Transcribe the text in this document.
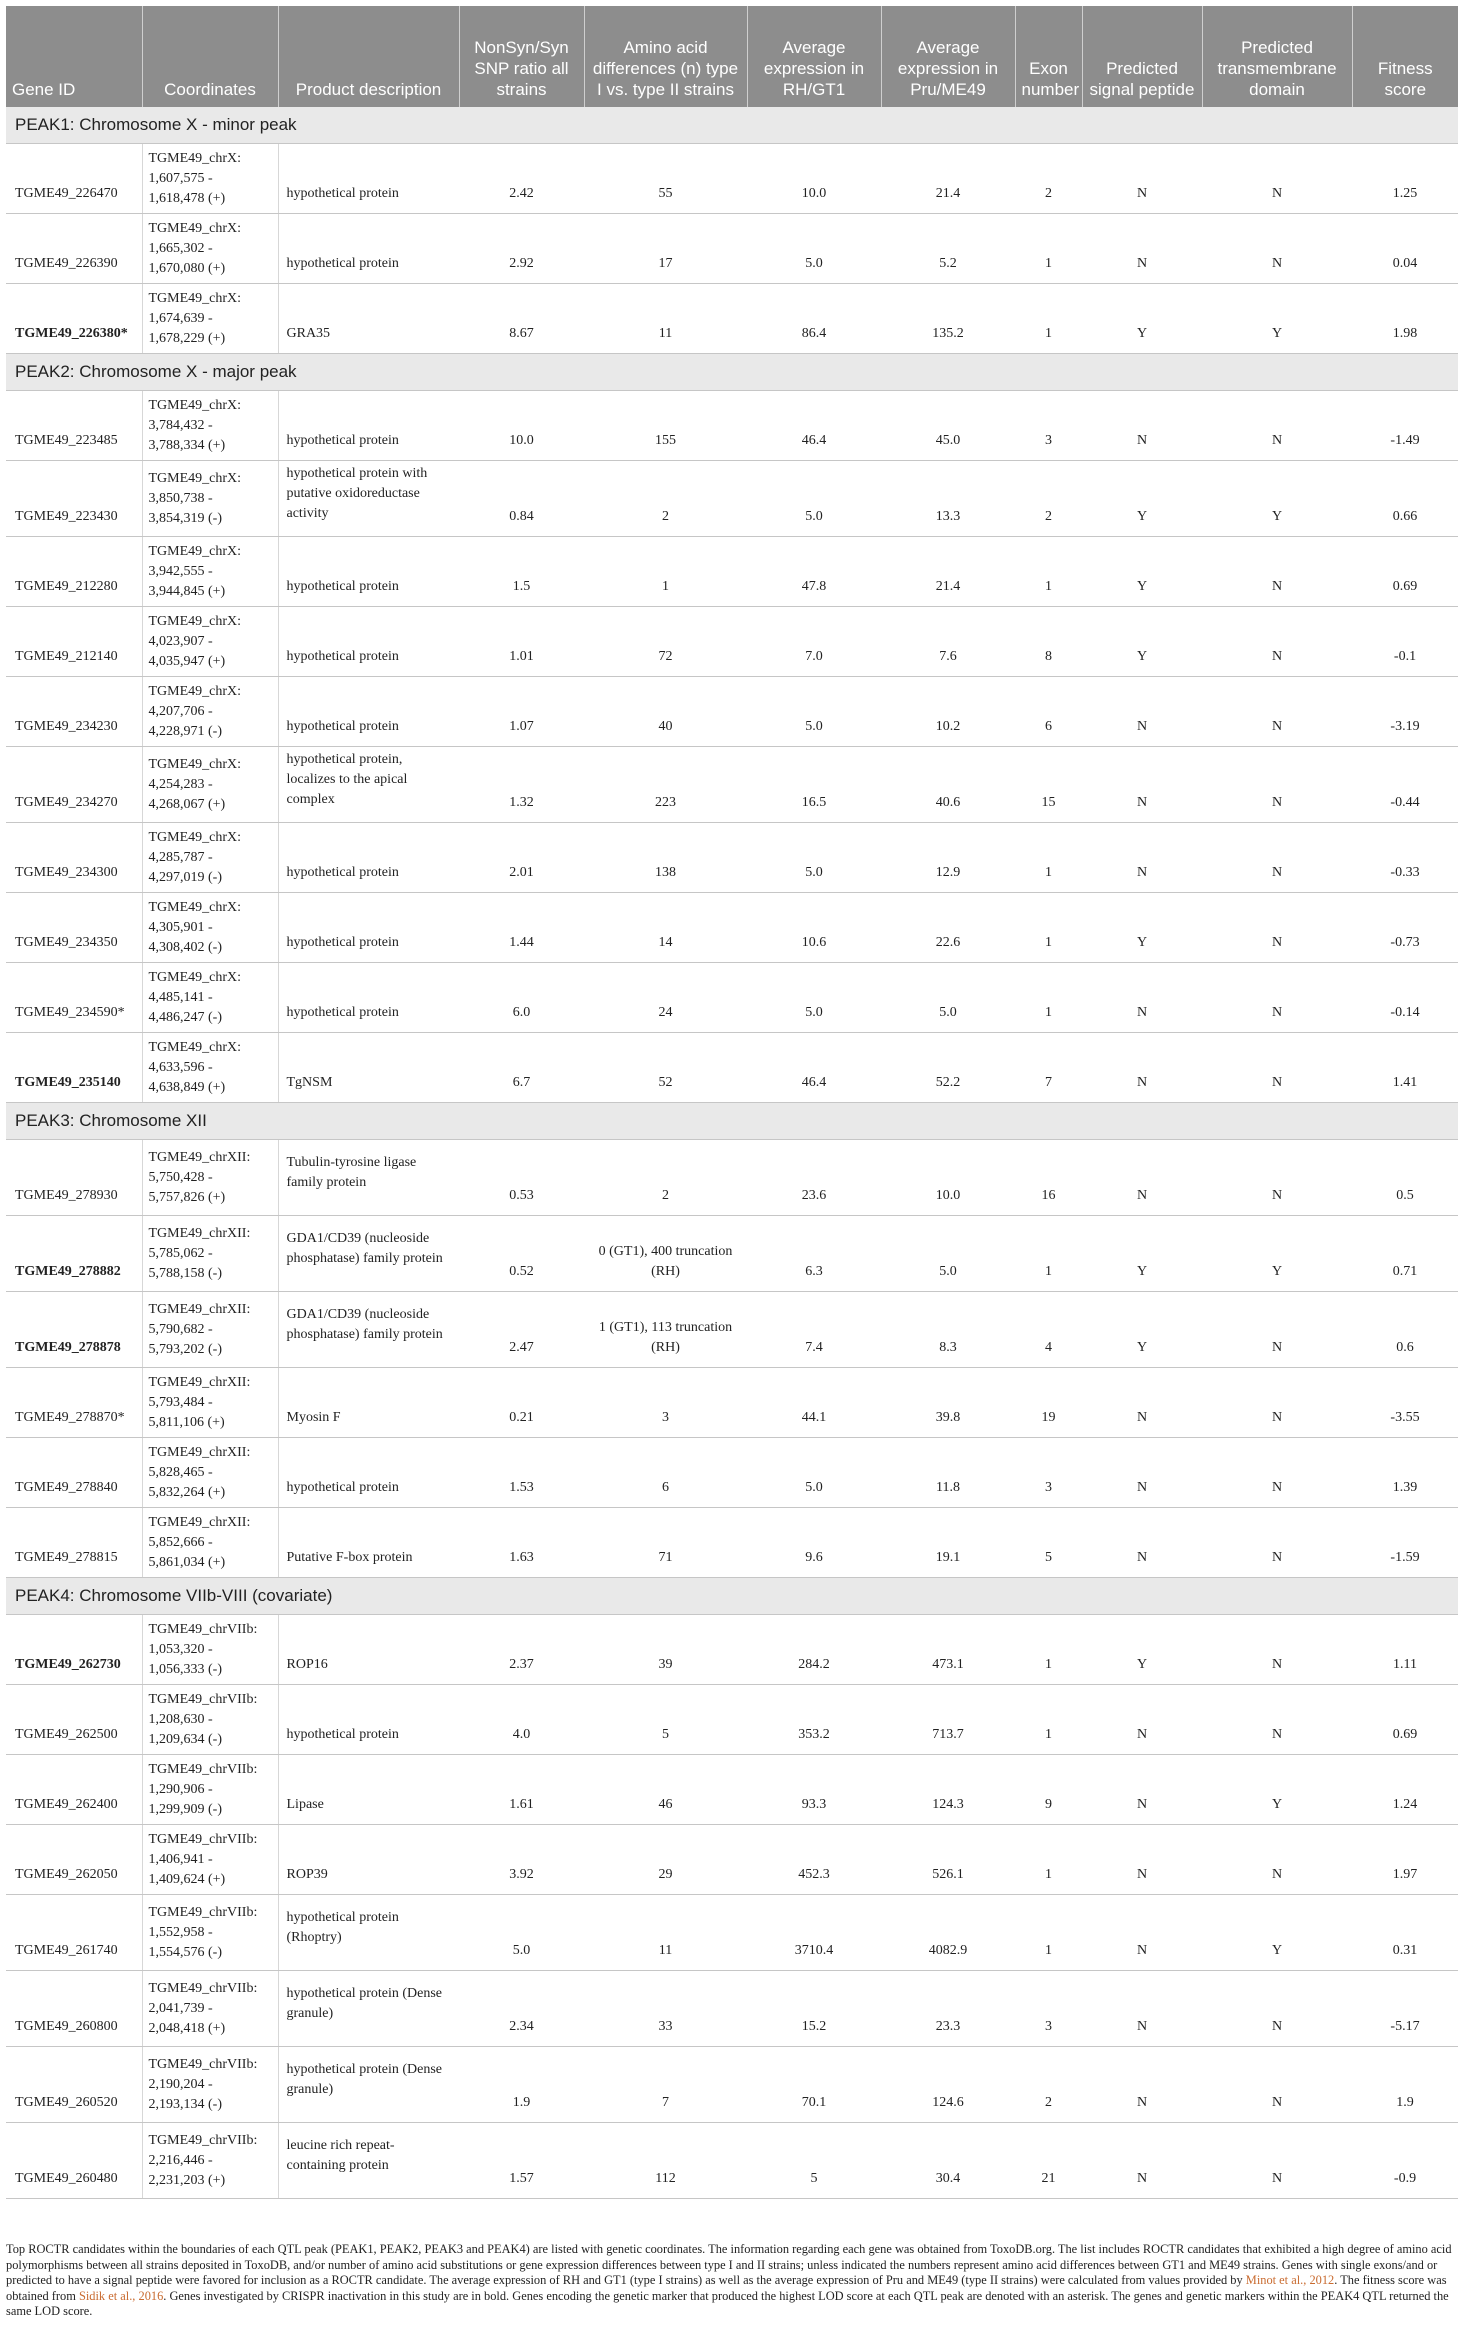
Gene ID	Coordinates	Product description	NonSyn/Syn SNP ratio all strains	Amino acid differences (n) type I vs. type II strains	Average expression in RH/GT1	Average expression in Pru/ME49	Exon number	Predicted signal peptide	Predicted transmembrane domain	Fitness score
PEAK1: Chromosome X - minor peak										
TGME49_226470	TGME49_chrX:
1,607,575 -
1,618,478 (+)	hypothetical protein	2.42	55	10.0	21.4	2	N	N	1.25
TGME49_226390	TGME49_chrX:
1,665,302 -
1,670,080 (+)	hypothetical protein	2.92	17	5.0	5.2	1	N	N	0.04
TGME49_226380*	TGME49_chrX:
1,674,639 -
1,678,229 (+)	GRA35	8.67	11	86.4	135.2	1	Y	Y	1.98
PEAK2: Chromosome X - major peak										
TGME49_223485	TGME49_chrX:
3,784,432 -
3,788,334 (+)	hypothetical protein	10.0	155	46.4	45.0	3	N	N	-1.49
TGME49_223430	TGME49_chrX:
3,850,738 -
3,854,319 (-)	hypothetical protein with putative oxidoreductase activity	0.84	2	5.0	13.3	2	Y	Y	0.66
TGME49_212280	TGME49_chrX:
3,942,555 -
3,944,845 (+)	hypothetical protein	1.5	1	47.8	21.4	1	Y	N	0.69
TGME49_212140	TGME49_chrX:
4,023,907 -
4,035,947 (+)	hypothetical protein	1.01	72	7.0	7.6	8	Y	N	-0.1
TGME49_234230	TGME49_chrX:
4,207,706 -
4,228,971 (-)	hypothetical protein	1.07	40	5.0	10.2	6	N	N	-3.19
TGME49_234270	TGME49_chrX:
4,254,283 -
4,268,067 (+)	hypothetical protein, localizes to the apical complex	1.32	223	16.5	40.6	15	N	N	-0.44
TGME49_234300	TGME49_chrX:
4,285,787 -
4,297,019 (-)	hypothetical protein	2.01	138	5.0	12.9	1	N	N	-0.33
TGME49_234350	TGME49_chrX:
4,305,901 -
4,308,402 (-)	hypothetical protein	1.44	14	10.6	22.6	1	Y	N	-0.73
TGME49_234590*	TGME49_chrX:
4,485,141 -
4,486,247 (-)	hypothetical protein	6.0	24	5.0	5.0	1	N	N	-0.14
TGME49_235140	TGME49_chrX:
4,633,596 -
4,638,849 (+)	TgNSM	6.7	52	46.4	52.2	7	N	N	1.41
PEAK3: Chromosome XII										
TGME49_278930	TGME49_chrXII:
5,750,428 -
5,757,826 (+)	Tubulin-tyrosine ligase family protein	0.53	2	23.6	10.0	16	N	N	0.5
TGME49_278882	TGME49_chrXII:
5,785,062 -
5,788,158 (-)	GDA1/CD39 (nucleoside phosphatase) family protein	0.52	0 (GT1), 400 truncation (RH)	6.3	5.0	1	Y	Y	0.71
TGME49_278878	TGME49_chrXII:
5,790,682 -
5,793,202 (-)	GDA1/CD39 (nucleoside phosphatase) family protein	2.47	1 (GT1), 113 truncation (RH)	7.4	8.3	4	Y	N	0.6
TGME49_278870*	TGME49_chrXII:
5,793,484 -
5,811,106 (+)	Myosin F	0.21	3	44.1	39.8	19	N	N	-3.55
TGME49_278840	TGME49_chrXII:
5,828,465 -
5,832,264 (+)	hypothetical protein	1.53	6	5.0	11.8	3	N	N	1.39
TGME49_278815	TGME49_chrXII:
5,852,666 -
5,861,034 (+)	Putative F-box protein	1.63	71	9.6	19.1	5	N	N	-1.59
PEAK4: Chromosome VIIb-VIII (covariate)										
TGME49_262730	TGME49_chrVIIb:
1,053,320 -
1,056,333 (-)	ROP16	2.37	39	284.2	473.1	1	Y	N	1.11
TGME49_262500	TGME49_chrVIIb:
1,208,630 -
1,209,634 (-)	hypothetical protein	4.0	5	353.2	713.7	1	N	N	0.69
TGME49_262400	TGME49_chrVIIb:
1,290,906 -
1,299,909 (-)	Lipase	1.61	46	93.3	124.3	9	N	Y	1.24
TGME49_262050	TGME49_chrVIIb:
1,406,941 -
1,409,624 (+)	ROP39	3.92	29	452.3	526.1	1	N	N	1.97
TGME49_261740	TGME49_chrVIIb:
1,552,958 -
1,554,576 (-)	hypothetical protein (Rhoptry)	5.0	11	3710.4	4082.9	1	N	Y	0.31
TGME49_260800	TGME49_chrVIIb:
2,041,739 -
2,048,418 (+)	hypothetical protein (Dense granule)	2.34	33	15.2	23.3	3	N	N	-5.17
TGME49_260520	TGME49_chrVIIb:
2,190,204 -
2,193,134 (-)	hypothetical protein (Dense granule)	1.9	7	70.1	124.6	2	N	N	1.9
TGME49_260480	TGME49_chrVIIb:
2,216,446 -
2,231,203 (+)	leucine rich repeat-containing protein	1.57	112	5	30.4	21	N	N	-0.9
Top ROCTR candidates within the boundaries of each QTL peak (PEAK1, PEAK2, PEAK3 and PEAK4) are listed with genetic coordinates. The information regarding each gene was obtained from ToxoDB.org. The list includes ROCTR candidates that exhibited a high degree of amino acid polymorphisms between all strains deposited in ToxoDB, and/or number of amino acid substitutions or gene expression differences between type I and II strains; unless indicated the numbers represent amino acid differences between GT1 and ME49 strains. Genes with single exons/and or predicted to have a signal peptide were favored for inclusion as a ROCTR candidate. The average expression of RH and GT1 (type I strains) as well as the average expression of Pru and ME49 (type II strains) were calculated from values provided by Minot et al., 2012. The fitness score was obtained from Sidik et al., 2016. Genes investigated by CRISPR inactivation in this study are in bold. Genes encoding the genetic marker that produced the highest LOD score at each QTL peak are denoted with an asterisk. The genes and genetic markers within the PEAK4 QTL returned the same LOD score.
